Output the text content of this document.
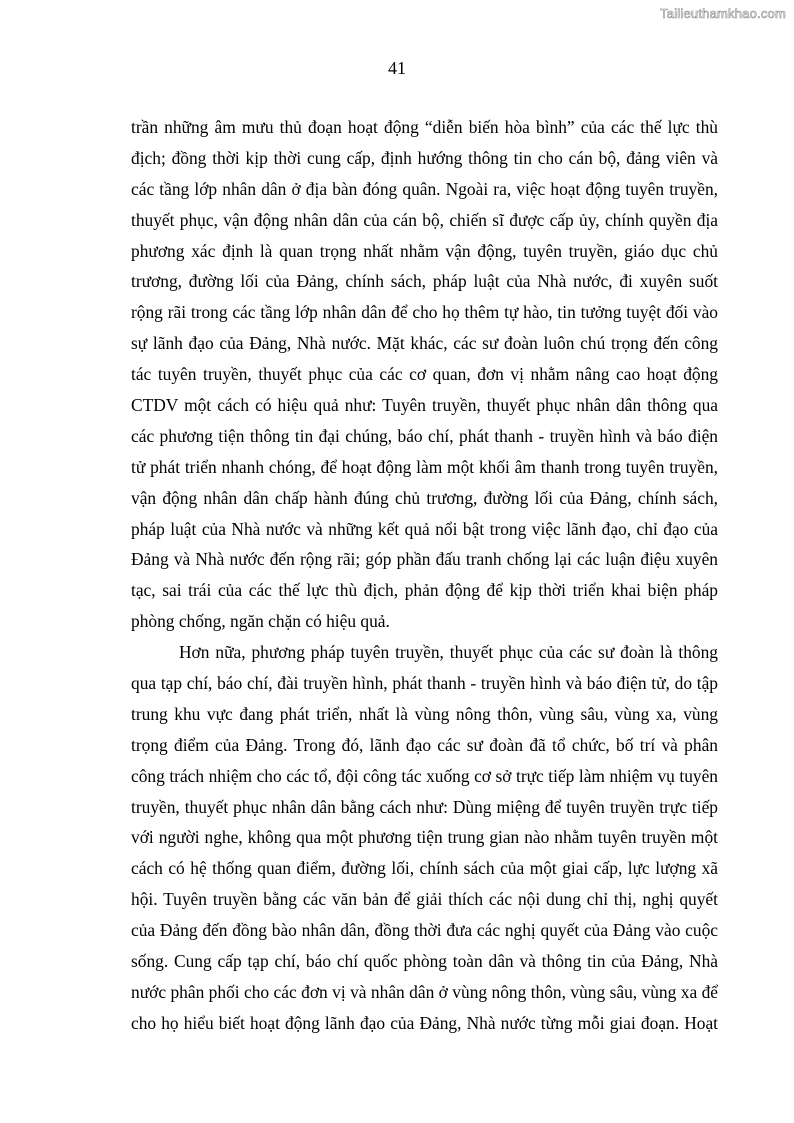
Tailieuthamkhao.com
41
trần những âm mưu thủ đoạn hoạt động “diễn biến hòa bình” của các thế lực thù
địch; đồng thời kịp thời cung cấp, định hướng thông tin cho cán bộ, đảng viên và
các tầng lớp nhân dân ở địa bàn đóng quân. Ngoài ra, việc hoạt động tuyên truyền,
thuyết phục, vận động nhân dân của cán bộ, chiến sĩ được cấp ủy, chính quyền địa
phương xác định là quan trọng nhất nhằm vận động, tuyên truyền, giáo dục chủ
trương, đường lối của Đảng, chính sách, pháp luật của Nhà nước, đi xuyên suốt
rộng rãi trong các tầng lớp nhân dân để cho họ thêm tự hào, tin tưởng tuyệt đối vào
sự lãnh đạo của Đảng, Nhà nước. Mặt khác, các sư đoàn luôn chú trọng đến công
tác tuyên truyền, thuyết phục của các cơ quan, đơn vị nhằm nâng cao hoạt động
CTDV một cách có hiệu quả như: Tuyên truyền, thuyết phục nhân dân thông qua
các phương tiện thông tin đại chúng, báo chí, phát thanh - truyền hình và báo điện
tử phát triển nhanh chóng, để hoạt động làm một khối âm thanh trong tuyên truyền,
vận động nhân dân chấp hành đúng chủ trương, đường lối của Đảng, chính sách,
pháp luật của Nhà nước và những kết quả nổi bật trong việc lãnh đạo, chỉ đạo của
Đảng và Nhà nước đến rộng rãi; góp phần đấu tranh chống lại các luận điệu xuyên
tạc, sai trái của các thế lực thù địch, phản động để kịp thời triển khai biện pháp
phòng chống, ngăn chặn có hiệu quả.
Hơn nữa, phương pháp tuyên truyền, thuyết phục của các sư đoàn là thông
qua tạp chí, báo chí, đài truyền hình, phát thanh - truyền hình và báo điện tử, do tập
trung khu vực đang phát triển, nhất là vùng nông thôn, vùng sâu, vùng xa, vùng
trọng điểm của Đảng. Trong đó, lãnh đạo các sư đoàn đã tổ chức, bố trí và phân
công trách nhiệm cho các tổ, đội công tác xuống cơ sở trực tiếp làm nhiệm vụ tuyên
truyền, thuyết phục nhân dân bằng cách như: Dùng miệng để tuyên truyền trực tiếp
với người nghe, không qua một phương tiện trung gian nào nhằm tuyên truyền một
cách có hệ thống quan điểm, đường lối, chính sách của một giai cấp, lực lượng xã
hội. Tuyên truyền bằng các văn bản để giải thích các nội dung chỉ thị, nghị quyết
của Đảng đến đồng bào nhân dân, đồng thời đưa các nghị quyết của Đảng vào cuộc
sống. Cung cấp tạp chí, báo chí quốc phòng toàn dân và thông tin của Đảng, Nhà
nước phân phối cho các đơn vị và nhân dân ở vùng nông thôn, vùng sâu, vùng xa để
cho họ hiểu biết hoạt động lãnh đạo của Đảng, Nhà nước từng mỗi giai đoạn. Hoạt
